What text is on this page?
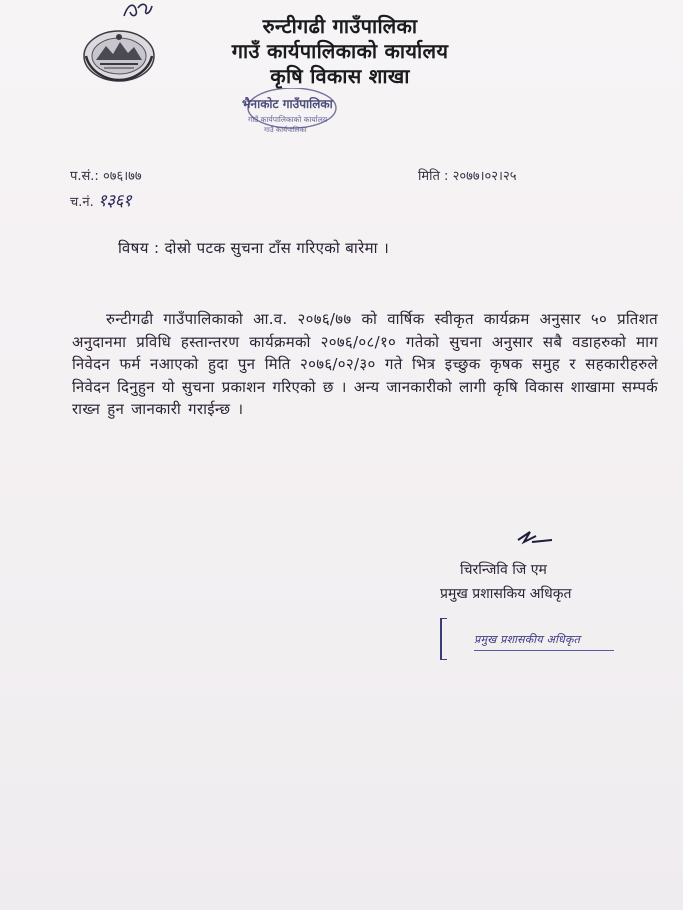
रुन्टीगढी गाउँपालिका
गाउँ कार्यपालिकाको कार्यालय
कृषि विकास शाखा
भैनाकोट गाउँपालिका
गाउँ कार्यपालिकाको कार्यालय
गाउँ कार्यपालिका
प.सं.: ०७६।७७
च.नं. १३६१
मिति : २०७७।०२।२५
विषय : दोस्रो पटक सुचना टाँस गरिएको बारेमा ।
रुन्टीगढी गाउँपालिकाको आ.व. २०७६/७७ को वार्षिक स्वीकृत कार्यक्रम अनुसार ५० प्रतिशत अनुदानमा प्रविधि हस्तान्तरण कार्यक्रमको २०७६/०८/१० गतेको सुचना अनुसार सबै वडाहरुको माग निवेदन फर्म नआएको हुदा पुन मिति २०७६/०२/३० गते भित्र इच्छुक कृषक समुह र सहकारीहरुले निवेदन दिनुहुन यो सुचना प्रकाशन गरिएको छ । अन्य जानकारीको लागी कृषि विकास शाखामा सम्पर्क राख्न हुन जानकारी गराईन्छ ।
चिरन्जिवि जि एम
प्रमुख प्रशासकिय अधिकृत
प्रमुख प्रशासकीय अधिकृत
